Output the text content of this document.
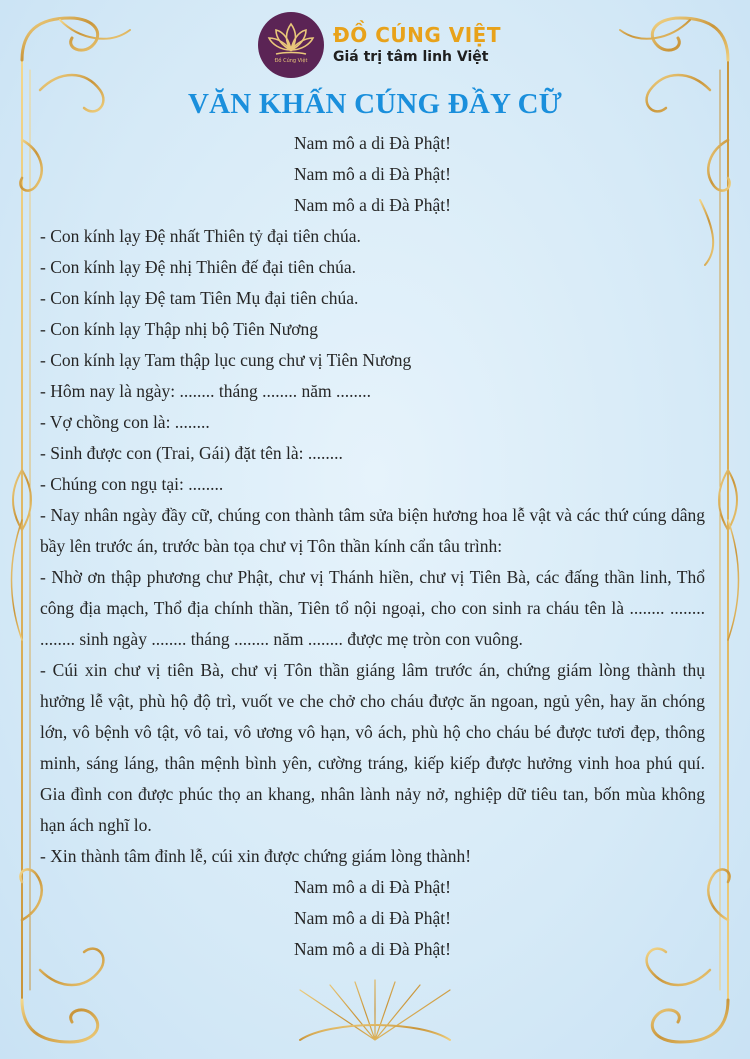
Đồ Cúng Việt
ĐỒ CÚNG VIỆT
Giá trị tâm linh Việt
VĂN KHẤN CÚNG ĐẦY CỮ
Nam mô a di Đà Phật!
Nam mô a di Đà Phật!
Nam mô a di Đà Phật!
- Con kính lạy Đệ nhất Thiên tỷ đại tiên chúa.
- Con kính lạy Đệ nhị Thiên đế đại tiên chúa.
- Con kính lạy Đệ tam Tiên Mụ đại tiên chúa.
- Con kính lạy Thập nhị bộ Tiên Nương
- Con kính lạy Tam thập lục cung chư vị Tiên Nương
- Hôm nay là ngày: ........ tháng ........ năm ........
- Vợ chồng con là: ........
- Sinh được con (Trai, Gái) đặt tên là: ........
- Chúng con ngụ tại: ........
- Nay nhân ngày đầy cữ, chúng con thành tâm sửa biện hương hoa lễ vật và các thứ cúng dâng bầy lên trước án, trước bàn tọa chư vị Tôn thần kính cẩn tâu trình:
- Nhờ ơn thập phương chư Phật, chư vị Thánh hiền, chư vị Tiên Bà, các đấng thần linh, Thổ công địa mạch, Thổ địa chính thần, Tiên tổ nội ngoại, cho con sinh ra cháu tên là ........ ........ ........ sinh ngày ........ tháng ........ năm ........ được mẹ tròn con vuông.
- Cúi xin chư vị tiên Bà, chư vị Tôn thần giáng lâm trước án, chứng giám lòng thành thụ hưởng lễ vật, phù hộ độ trì, vuốt ve che chở cho cháu được ăn ngoan, ngủ yên, hay ăn chóng lớn, vô bệnh vô tật, vô tai, vô ương vô hạn, vô ách, phù hộ cho cháu bé được tươi đẹp, thông minh, sáng láng, thân mệnh bình yên, cường tráng, kiếp kiếp được hưởng vinh hoa phú quí. Gia đình con được phúc thọ an khang, nhân lành nảy nở, nghiệp dữ tiêu tan, bốn mùa không hạn ách nghĩ lo.
- Xin thành tâm đỉnh lễ, cúi xin được chứng giám lòng thành!
Nam mô a di Đà Phật!
Nam mô a di Đà Phật!
Nam mô a di Đà Phật!
